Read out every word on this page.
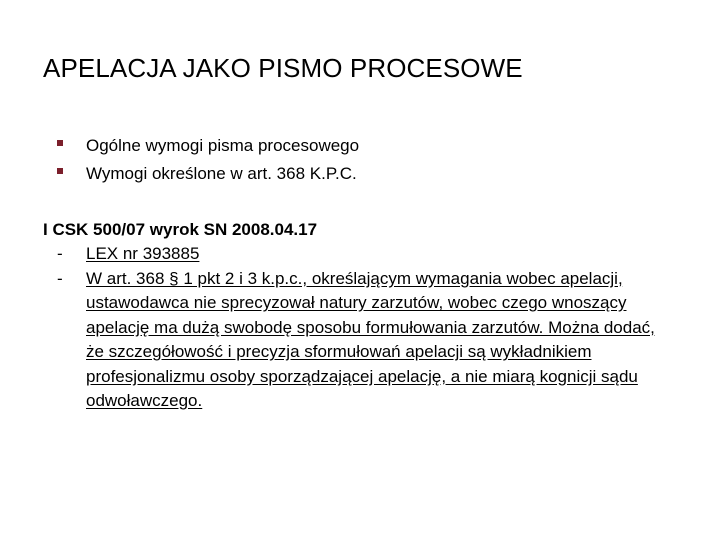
APELACJA JAKO PISMO PROCESOWE
Ogólne wymogi pisma procesowego
Wymogi określone w art. 368 K.P.C.
I CSK 500/07 wyrok SN 2008.04.17
- LEX nr 393885
- W art. 368 § 1 pkt 2 i 3 k.p.c., określającym wymagania wobec apelacji, ustawodawca nie sprecyzował natury zarzutów, wobec czego wnoszący apelację ma dużą swobodę sposobu formułowania zarzutów. Można dodać, że szczegółowość i precyzja sformułowań apelacji są wykładnikiem profesjonalizmu osoby sporządzającej apelację, a nie miarą kognicji sądu odwoławczego.
